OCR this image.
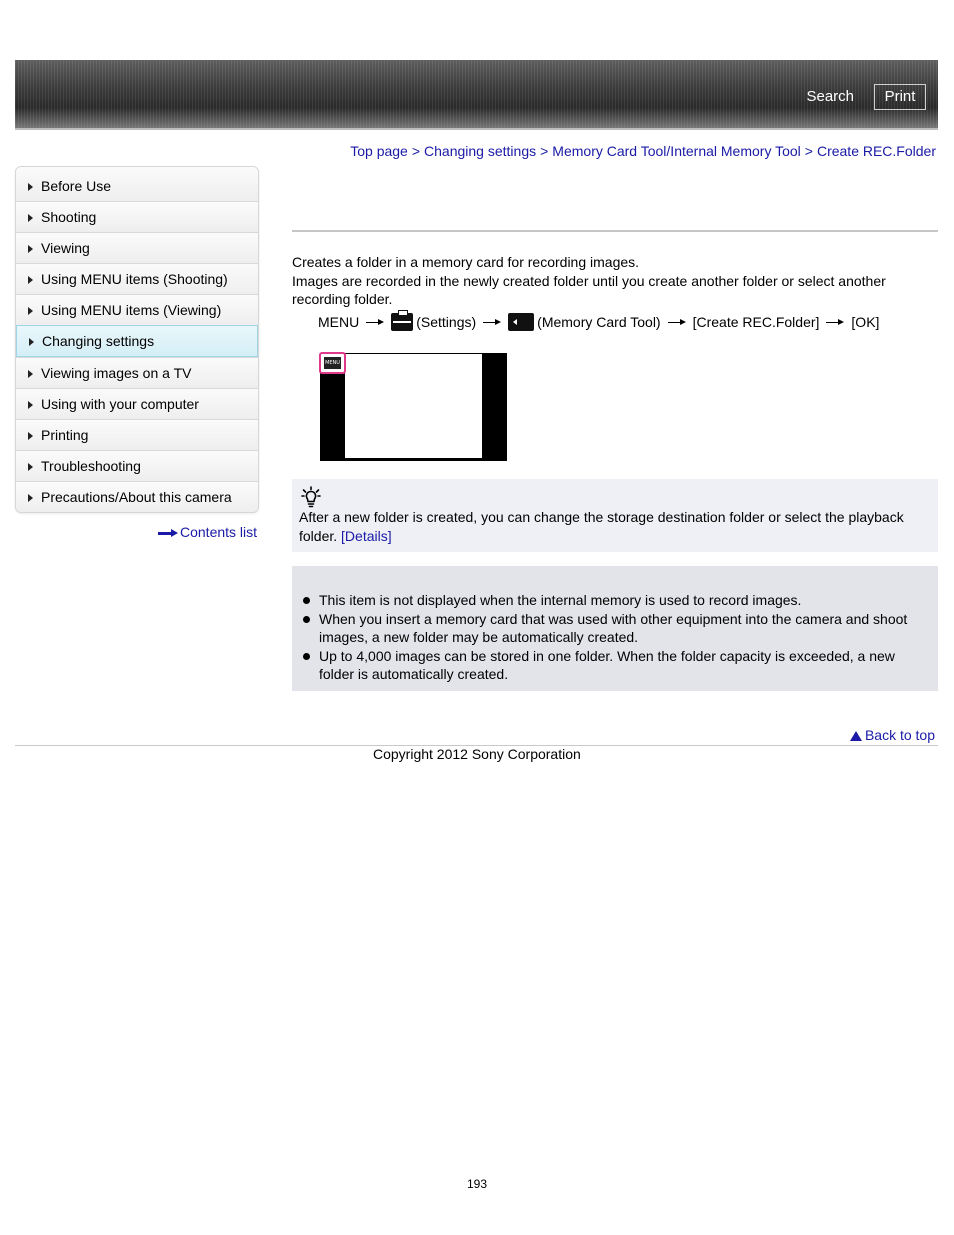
Search	Print
Top page > Changing settings > Memory Card Tool/Internal Memory Tool > Create REC.Folder
Before Use
Shooting
Viewing
Using MENU items (Shooting)
Using MENU items (Viewing)
Changing settings
Viewing images on a TV
Using with your computer
Printing
Troubleshooting
Precautions/About this camera
Contents list
Creates a folder in a memory card for recording images.
Images are recorded in the newly created folder until you create another folder or select another recording folder.
MENU	(Settings)	(Memory Card Tool) [Create REC.Folder] [OK]
MENU
After a new folder is created, you can change the storage destination folder or select the playback folder. [Details]
This item is not displayed when the internal memory is used to record images.
When you insert a memory card that was used with other equipment into the camera and shoot images, a new folder may be automatically created.
Up to 4,000 images can be stored in one folder. When the folder capacity is exceeded, a new folder is automatically created.
Back to top
Copyright 2012 Sony Corporation
193
